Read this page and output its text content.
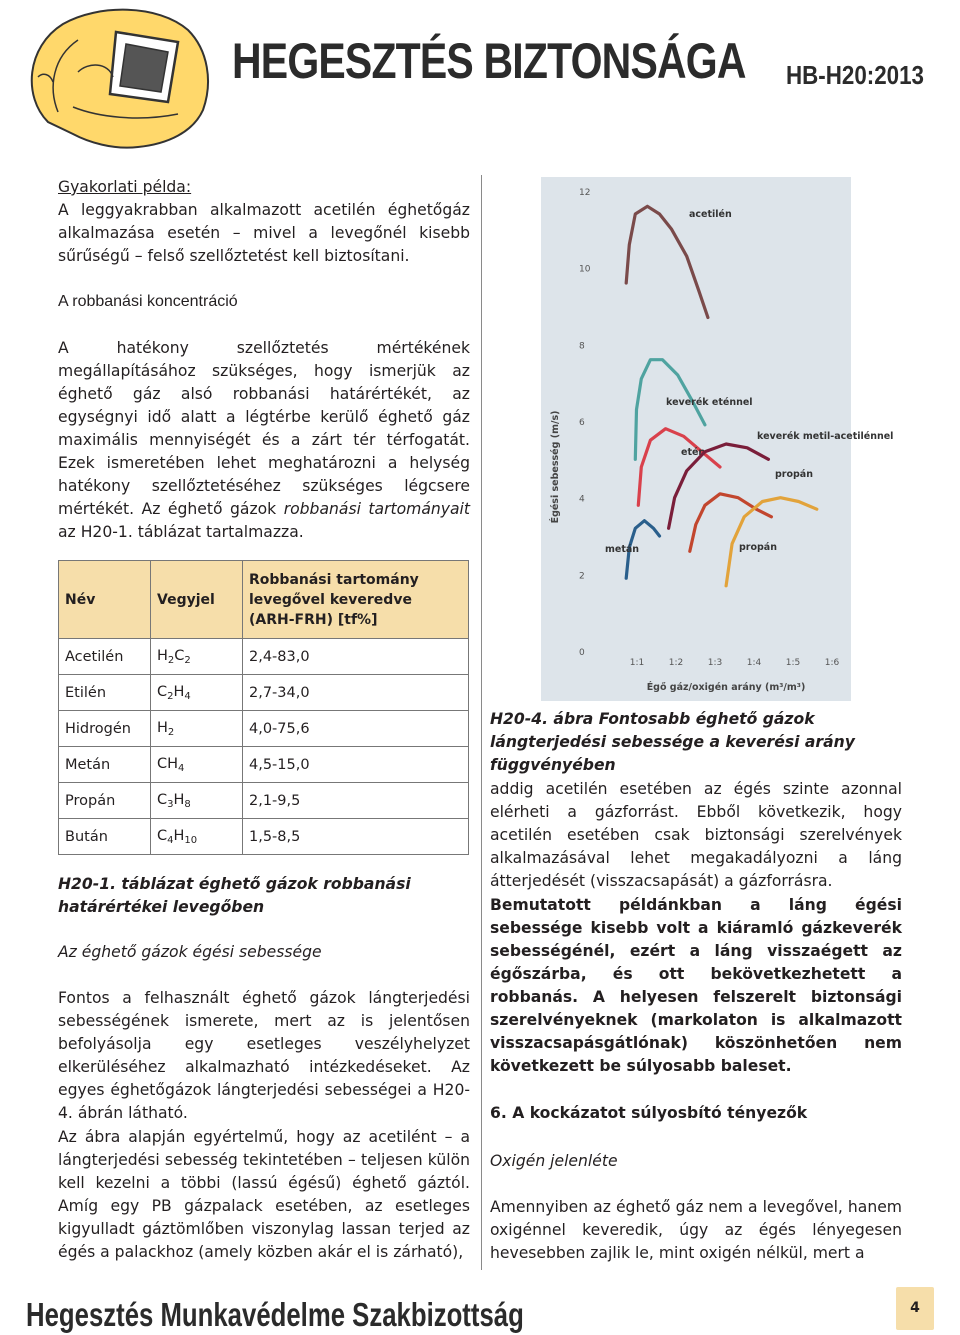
HEGESZTÉS BIZTONSÁGA HB-H20:2013
Gyakorlati példa:
A leggyakrabban alkalmazott acetilén éghetőgáz alkalmazása esetén – mivel a levegőnél kisebb sűrűségű – felső szellőztetést kell biztosítani.
A robbanási koncentráció
A hatékony szellőztetés mértékének megállapításához szükséges, hogy ismerjük az éghető gáz alsó robbanási határértékét, az egységnyi idő alatt a légtérbe kerülő éghető gáz maximális mennyiségét és a zárt tér térfogatát. Ezek ismeretében lehet meghatározni a helység hatékony szellőztetéséhez szükséges légcsere mértékét. Az éghető gázok robbanási tartományait az H20-1. táblázat tartalmazza.
Név	Vegyjel	Robbanási tartomány levegővel keveredve (ARH-FRH) [tf%]
Acetilén	$H_2C_2$	2,4-83,0
Etilén	$C_2H_4$	2,7-34,0
Hidrogén	$H_2$	4,0-75,6
Metán	$CH_4$	4,5-15,0
Propán	$C_3H_8$	2,1-9,5
Bután	$C_4H_{10}$	1,5-8,5
H20-1. táblázat éghető gázok robbanási határértékei levegőben
Az éghető gázok égési sebessége
Fontos a felhasznált éghető gázok lángterjedési sebességének ismerete, mert az is jelentősen befolyásolja egy esetleges veszélyhelyzet elkerüléséhez alkalmazható intézkedéseket. Az egyes éghetőgázok lángterjedési sebességei a H20-4. ábrán látható.
Az ábra alapján egyértelmű, hogy az acetilént – a lángterjedési sebesség tekintetében – teljesen külön kell kezelni a többi (lassú égésű) éghető gáztól. Amíg egy PB gázpalack esetében, az esetleges kigyulladt gáztömlőben viszonylag lassan terjed az égés a palackhoz (amely közben akár el is zárható),
0
2
4
6
8
10
12
1:1	1:2	1:3	1:4	1:5	1:6
Égési sebesség (m/s)
Égő gáz/oxigén arány (m³/m³)
acetilén
keverék eténnel
etén
keverék metil-acetilénnel
metán
propán
propán
H20-4. ábra Fontosabb éghető gázok lángterjedési sebessége a keverési arány függvényében
addig acetilén esetében az égés szinte azonnal elérheti a gázforrást. Ebből következik, hogy acetilén esetében csak biztonsági szerelvények alkalmazásával lehet megakadályozni a láng átterjedését (visszacsapását) a gázforrásra.
Bemutatott példánkban a láng égési sebessége kisebb volt a kiáramló gázkeverék sebességénél, ezért a láng visszaégett az égőszárba, és ott bekövetkezhetett a robbanás. A helyesen felszerelt biztonsági szerelvényeknek (markolaton is alkalmazott visszacsapásgátlónak) köszönhetően nem következett be súlyosabb baleset.
6. A kockázatot súlyosbító tényezők
Oxigén jelenléte
Amennyiben az éghető gáz nem a levegővel, hanem oxigénnel keveredik, úgy az égés lényegesen hevesebben zajlik le, mint oxigén nélkül, mert a
Hegesztés Munkavédelme Szakbizottság	4
